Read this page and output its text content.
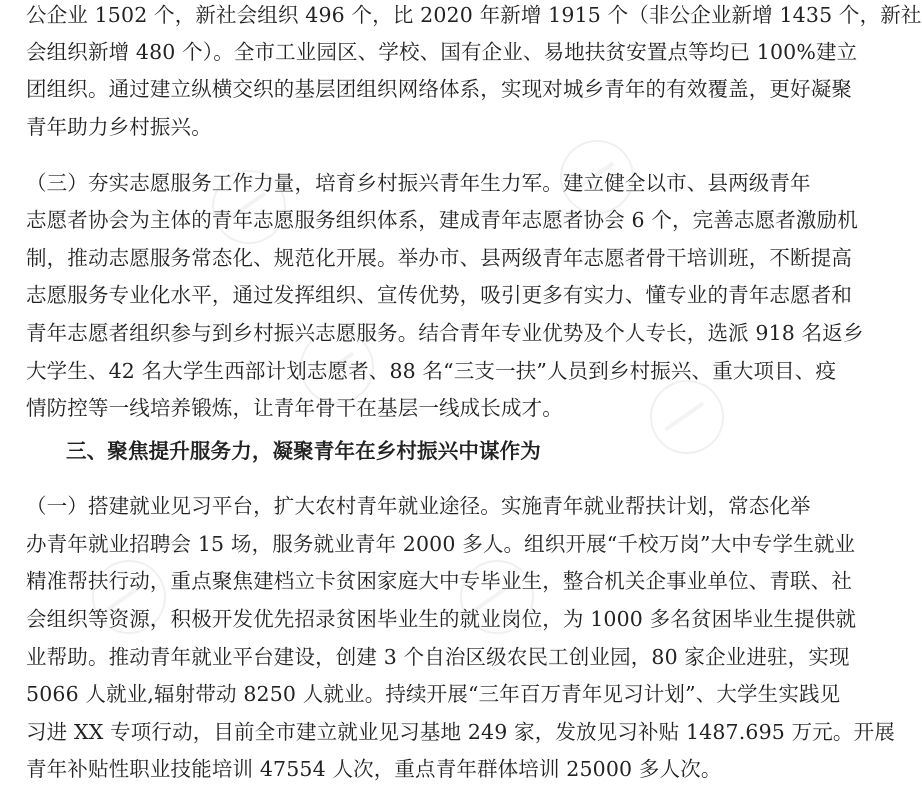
公企业 1502 个，新社会组织 496 个，比 2020 年新增 1915 个（非公企业新增 1435 个，新社

会组织新增 480 个）。全市工业园区、学校、国有企业、易地扶贫安置点等均已 100%建立

团组织。通过建立纵横交织的基层团组织网络体系，实现对城乡青年的有效覆盖，更好凝聚

青年助力乡村振兴。

（三）夯实志愿服务工作力量，培育乡村振兴青年生力军。建立健全以市、县两级青年

志愿者协会为主体的青年志愿服务组织体系，建成青年志愿者协会 6 个，完善志愿者激励机

制，推动志愿服务常态化、规范化开展。举办市、县两级青年志愿者骨干培训班，不断提高

志愿服务专业化水平，通过发挥组织、宣传优势，吸引更多有实力、懂专业的青年志愿者和

青年志愿者组织参与到乡村振兴志愿服务。结合青年专业优势及个人专长，选派 918 名返乡

大学生、42 名大学生西部计划志愿者、88 名“三支一扶”人员到乡村振兴、重大项目、疫

情防控等一线培养锻炼，让青年骨干在基层一线成长成才。

三、聚焦提升服务力，凝聚青年在乡村振兴中谋作为

（一）搭建就业见习平台，扩大农村青年就业途径。实施青年就业帮扶计划，常态化举

办青年就业招聘会 15 场，服务就业青年 2000 多人。组织开展“千校万岗”大中专学生就业

精准帮扶行动，重点聚焦建档立卡贫困家庭大中专毕业生，整合机关企事业单位、青联、社

会组织等资源，积极开发优先招录贫困毕业生的就业岗位，为 1000 多名贫困毕业生提供就

业帮助。推动青年就业平台建设，创建 3 个自治区级农民工创业园，80 家企业进驻，实现

5066 人就业,辐射带动 8250 人就业。持续开展“三年百万青年见习计划”、大学生实践见

习进 XX 专项行动，目前全市建立就业见习基地 249 家，发放见习补贴 1487.695 万元。开展

青年补贴性职业技能培训 47554 人次，重点青年群体培训 25000 多人次。
